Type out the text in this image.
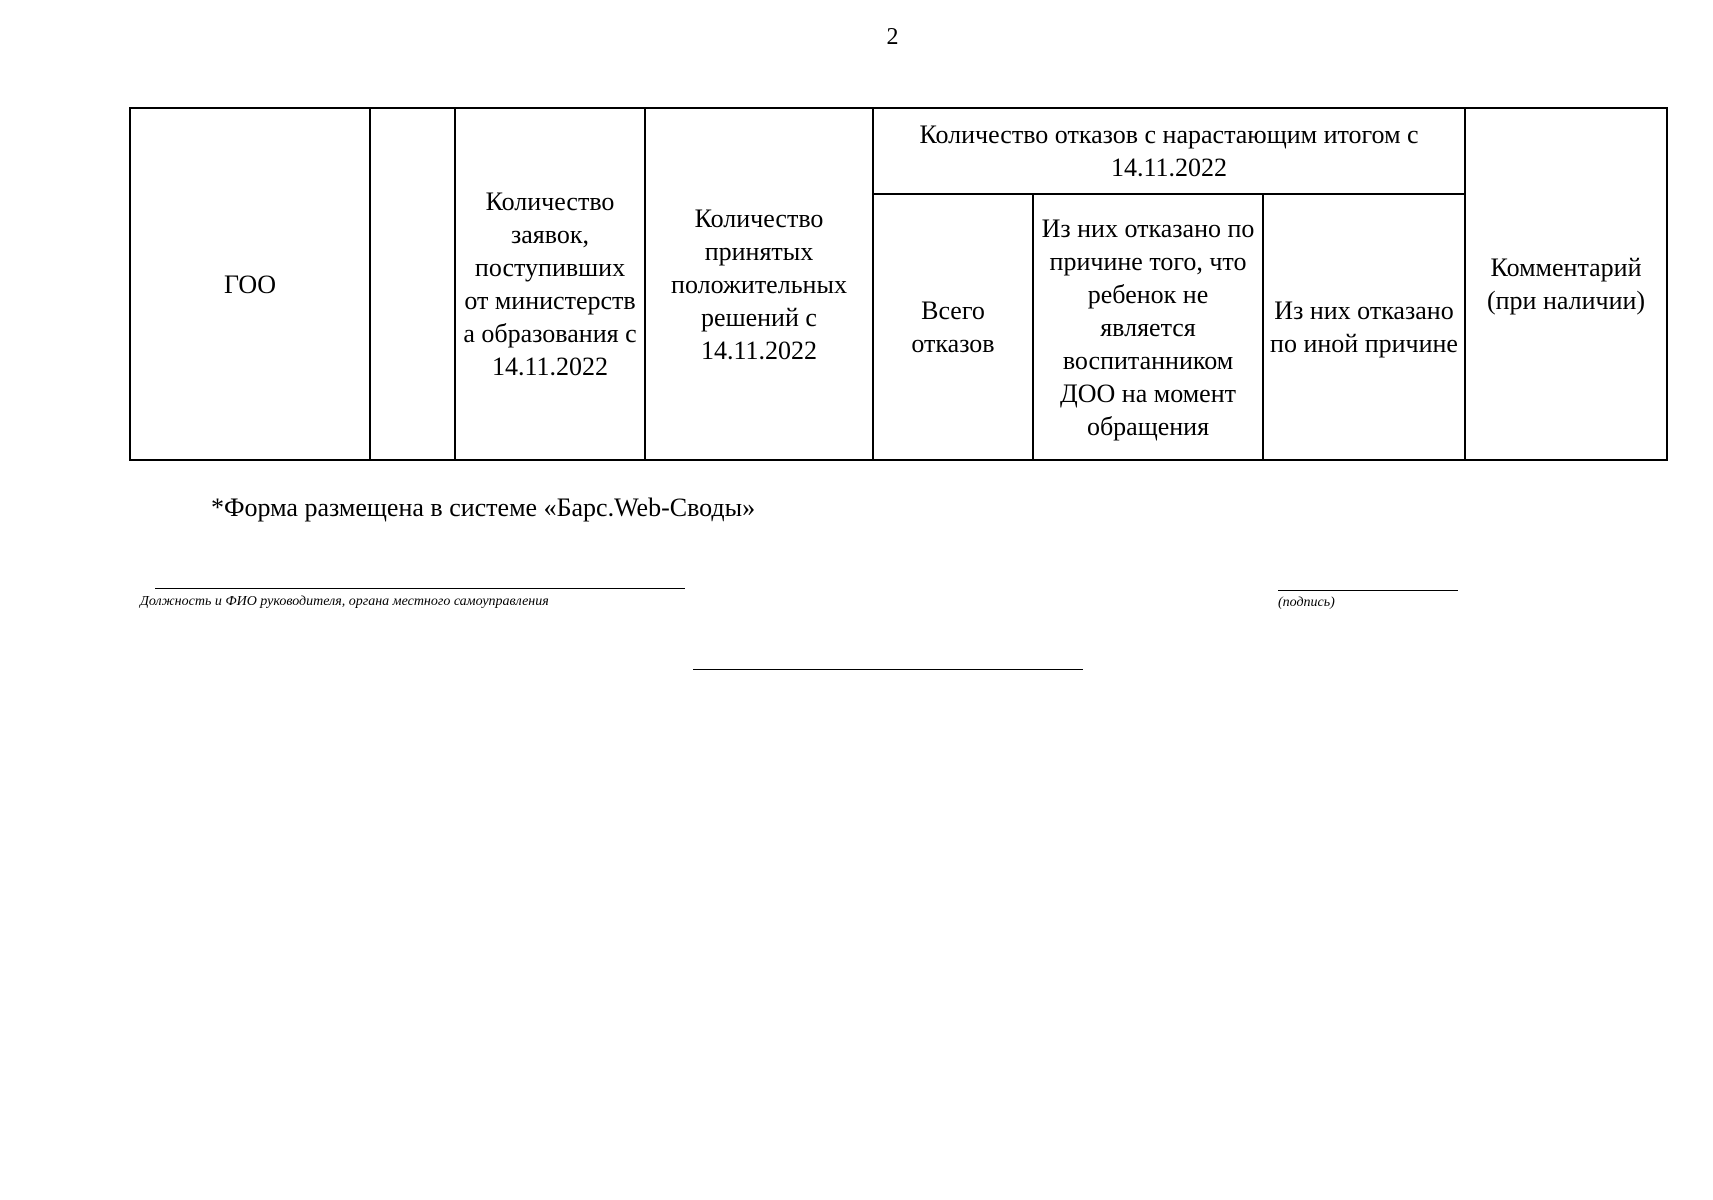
2
ГОО		Количество заявок, поступивших от министерств а образования с 14.11.2022	Количество принятых положительных решений с 14.11.2022	Количество отказов с нарастающим итогом с 14.11.2022			Комментарий (при наличии)
				Всего отказов	Из них отказано по причине того, что ребенок не является воспитанником ДОО на момент обращения	Из них отказано по иной причине	
*Форма размещена в системе «Барс.Web-Своды»
Должность и ФИО руководителя, органа местного самоуправления	(подпись)
